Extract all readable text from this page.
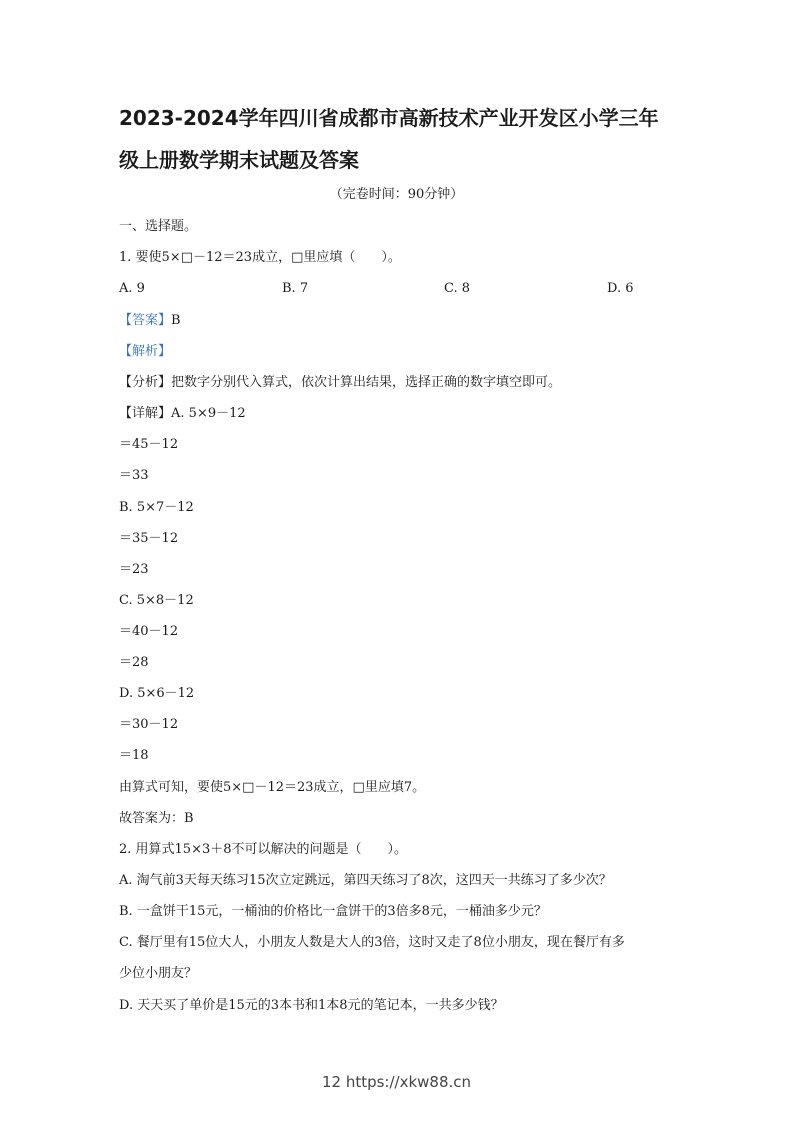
2023-2024学年四川省成都市高新技术产业开发区小学三年
级上册数学期末试题及答案
（完卷时间：90分钟）
一、选择题。
1. 要使5×□－12＝23成立，□里应填（　　）。
A. 9	B. 7	C. 8	D. 6
【答案】B
【解析】
【分析】把数字分别代入算式，依次计算出结果，选择正确的数字填空即可。
【详解】A. 5×9－12
＝45－12
＝33
B. 5×7－12
＝35－12
＝23
C. 5×8－12
＝40－12
＝28
D. 5×6－12
＝30－12
＝18
由算式可知，要使5×□－12＝23成立，□里应填7。
故答案为：B
2. 用算式15×3＋8不可以解决的问题是（　　）。
A. 淘气前3天每天练习15次立定跳远，第四天练习了8次，这四天一共练习了多少次？
B. 一盒饼干15元，一桶油的价格比一盒饼干的3倍多8元，一桶油多少元？
C. 餐厅里有15位大人，小朋友人数是大人的3倍，这时又走了8位小朋友，现在餐厅有多
少位小朋友？
D. 天天买了单价是15元的3本书和1本8元的笔记本，一共多少钱？
12 https://xkw88.cn
